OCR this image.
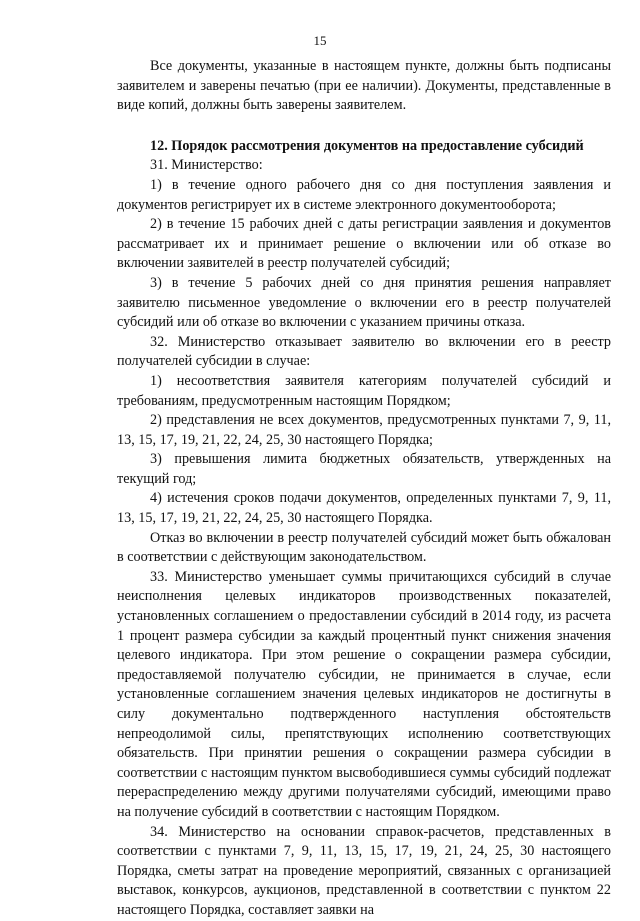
15

Все документы, указанные в настоящем пункте, должны быть подписаны заявителем и заверены печатью (при ее наличии). Документы, представленные в виде копий, должны быть заверены заявителем.

12. Порядок рассмотрения документов на предоставление субсидий

31. Министерство:

1) в течение одного рабочего дня со дня поступления заявления и документов регистрирует их в системе электронного документооборота;

2) в течение 15 рабочих дней с даты регистрации заявления и документов рассматривает их и принимает решение о включении или об отказе во включении заявителей в реестр получателей субсидий;

3) в течение 5 рабочих дней со дня принятия решения направляет заявителю письменное уведомление о включении его в реестр получателей субсидий или об отказе во включении с указанием причины отказа.

32. Министерство отказывает заявителю во включении его в реестр получателей субсидии в случае:

1) несоответствия заявителя категориям получателей субсидий и требованиям, предусмотренным настоящим Порядком;

2) представления не всех документов, предусмотренных пунктами 7, 9, 11, 13, 15, 17, 19, 21, 22, 24, 25, 30 настоящего Порядка;

3) превышения лимита бюджетных обязательств, утвержденных на текущий год;

4) истечения сроков подачи документов, определенных пунктами 7, 9, 11, 13, 15, 17, 19, 21, 22, 24, 25, 30 настоящего Порядка.

Отказ во включении в реестр получателей субсидий может быть обжалован в соответствии с действующим законодательством.

33. Министерство уменьшает суммы причитающихся субсидий в случае неисполнения целевых индикаторов производственных показателей, установленных соглашением о предоставлении субсидий в 2014 году, из расчета 1 процент размера субсидии за каждый процентный пункт снижения значения целевого индикатора. При этом решение о сокращении размера субсидии, предоставляемой получателю субсидии, не принимается в случае, если установленные соглашением значения целевых индикаторов не достигнуты в силу документально подтвержденного наступления обстоятельств непреодолимой силы, препятствующих исполнению соответствующих обязательств. При принятии решения о сокращении размера субсидии в соответствии с настоящим пунктом высвободившиеся суммы субсидий подлежат перераспределению между другими получателями субсидий, имеющими право на получение субсидий в соответствии с настоящим Порядком.

34. Министерство на основании справок-расчетов, представленных в соответствии с пунктами 7, 9, 11, 13, 15, 17, 19, 21, 24, 25, 30 настоящего Порядка, сметы затрат на проведение мероприятий, связанных с организацией выставок, конкурсов, аукционов, представленной в соответствии с пунктом 22 настоящего Порядка, составляет заявки на
